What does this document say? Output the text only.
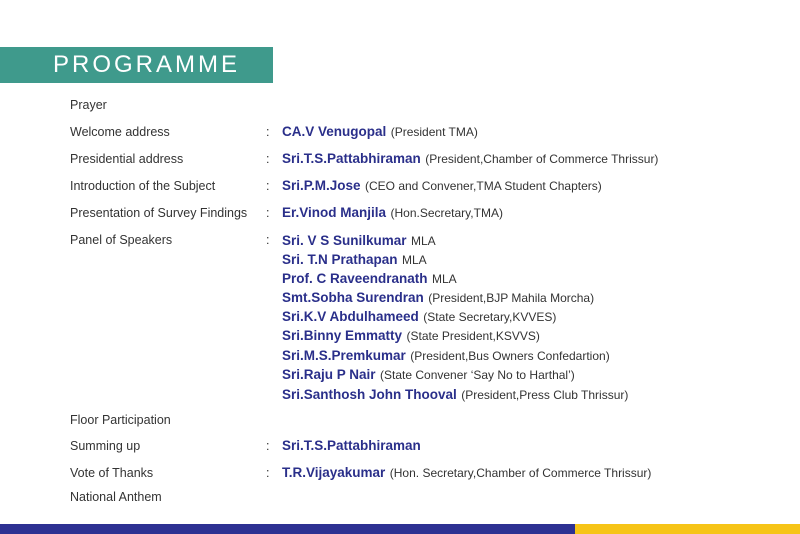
PROGRAMME
Prayer
Welcome address	: CA.V Venugopal (President TMA)
Presidential address	: Sri.T.S.Pattabhiraman (President,Chamber of Commerce Thrissur)
Introduction of the Subject	: Sri.P.M.Jose (CEO and Convener,TMA Student Chapters)
Presentation of Survey Findings : Er.Vinod Manjila (Hon.Secretary,TMA)
Panel of Speakers	: Sri. V S Sunilkumar MLA
Sri. T.N Prathapan MLA
Prof. C Raveendranath MLA
Smt.Sobha Surendran (President,BJP Mahila Morcha)
Sri.K.V Abdulhameed (State Secretary,KVVES)
Sri.Binny Emmatty (State President,KSVVS)
Sri.M.S.Premkumar (President,Bus Owners Confedartion)
Sri.Raju P Nair (State Convener ‘Say No to Harthal’)
Sri.Santhosh John Thooval (President,Press Club Thrissur)
Floor Participation
Summing up	: Sri.T.S.Pattabhiraman
Vote of Thanks	: T.R.Vijayakumar (Hon. Secretary,Chamber of Commerce Thrissur)
National Anthem
